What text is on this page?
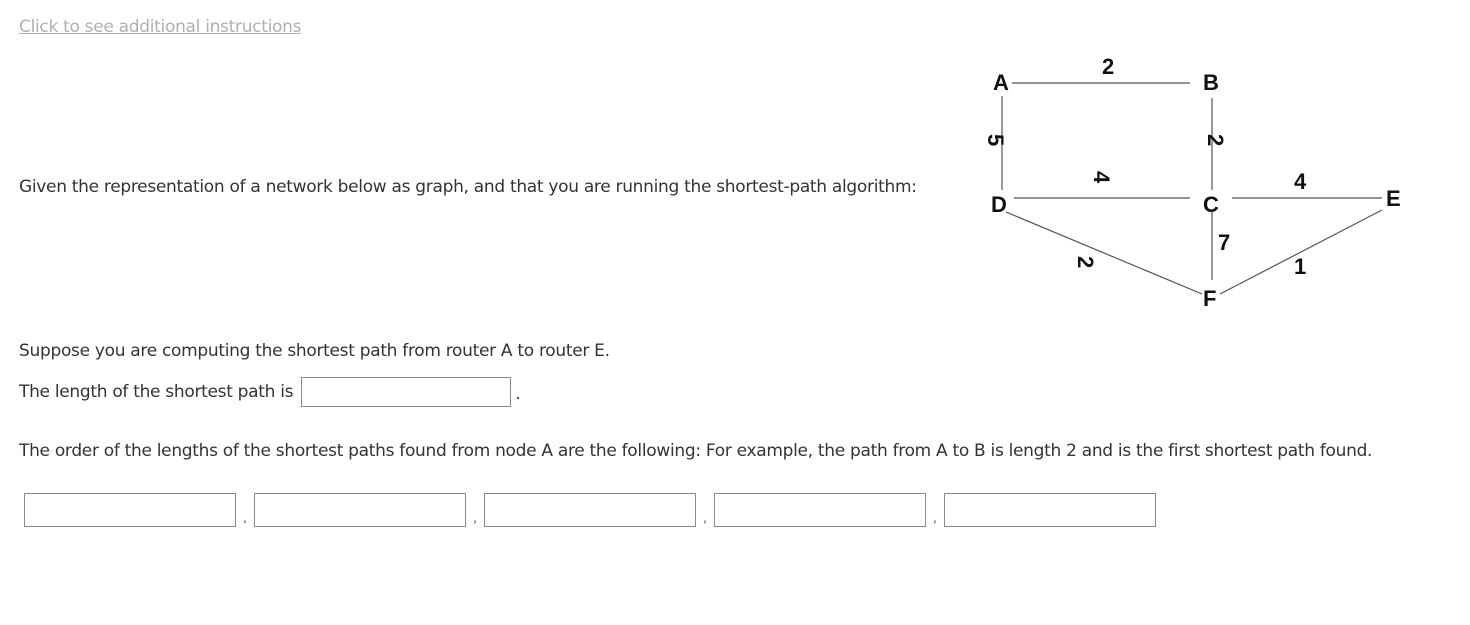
Click to see additional instructions
Given the representation of a network below as graph, and that you are running the shortest-path algorithm:
A	B
C
D	E
F
2
5	2
4	4
7
2	1
Suppose you are computing the shortest path from router A to router E.
The length of the shortest path is	.
The order of the lengths of the shortest paths found from node A are the following: For example, the path from A to B is length 2 and is the first shortest path found.
,	,	,	,
